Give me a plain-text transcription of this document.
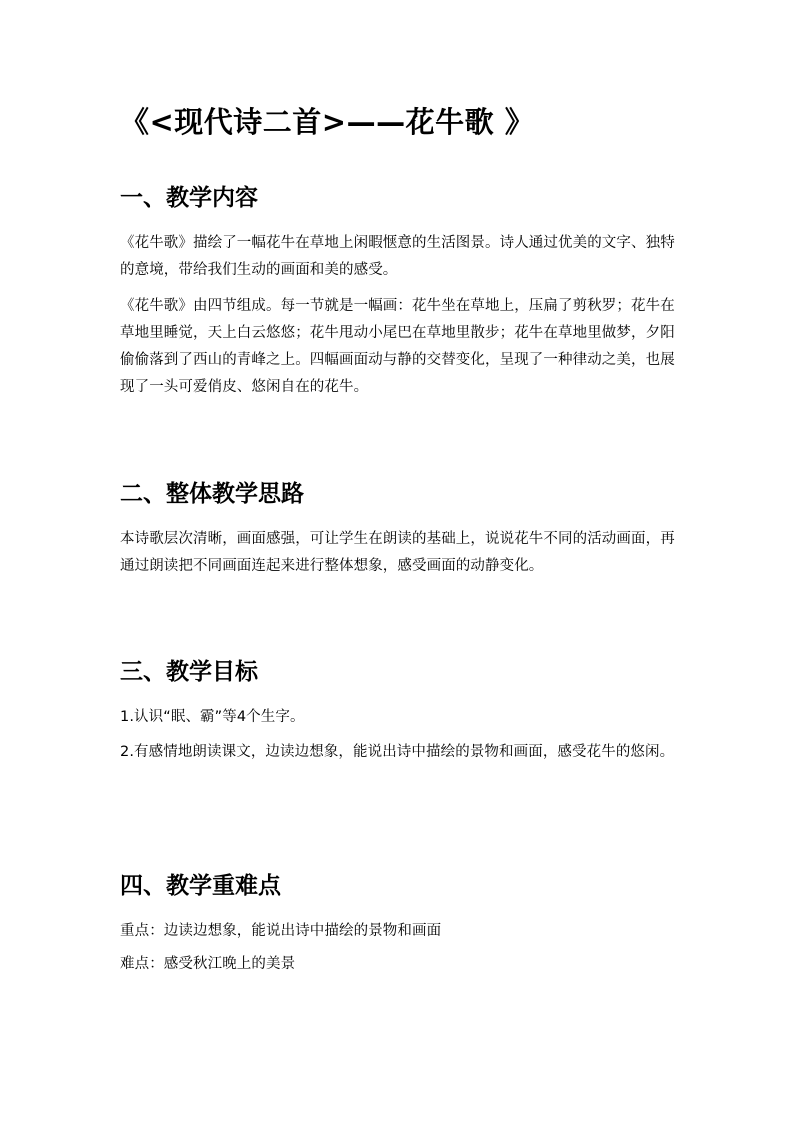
《<现代诗二首>——花牛歌 》
一、教学内容

《花牛歌》描绘了一幅花牛在草地上闲暇惬意的生活图景。诗人通过优美的文字、独特的意境，带给我们生动的画面和美的感受。

《花牛歌》由四节组成。每一节就是一幅画：花牛坐在草地上，压扁了剪秋罗；花牛在草地里睡觉，天上白云悠悠；花牛甩动小尾巴在草地里散步；花牛在草地里做梦，夕阳偷偷落到了西山的青峰之上。四幅画面动与静的交替变化，呈现了一种律动之美，也展现了一头可爱俏皮、悠闲自在的花牛。

二、整体教学思路

本诗歌层次清晰，画面感强，可让学生在朗读的基础上，说说花牛不同的活动画面，再通过朗读把不同画面连起来进行整体想象，感受画面的动静变化。

三、教学目标

1.认识“眠、霸”等4个生字。

2.有感情地朗读课文，边读边想象，能说出诗中描绘的景物和画面，感受花牛的悠闲。

四、教学重难点

重点：边读边想象，能说出诗中描绘的景物和画面

难点：感受秋江晚上的美景
